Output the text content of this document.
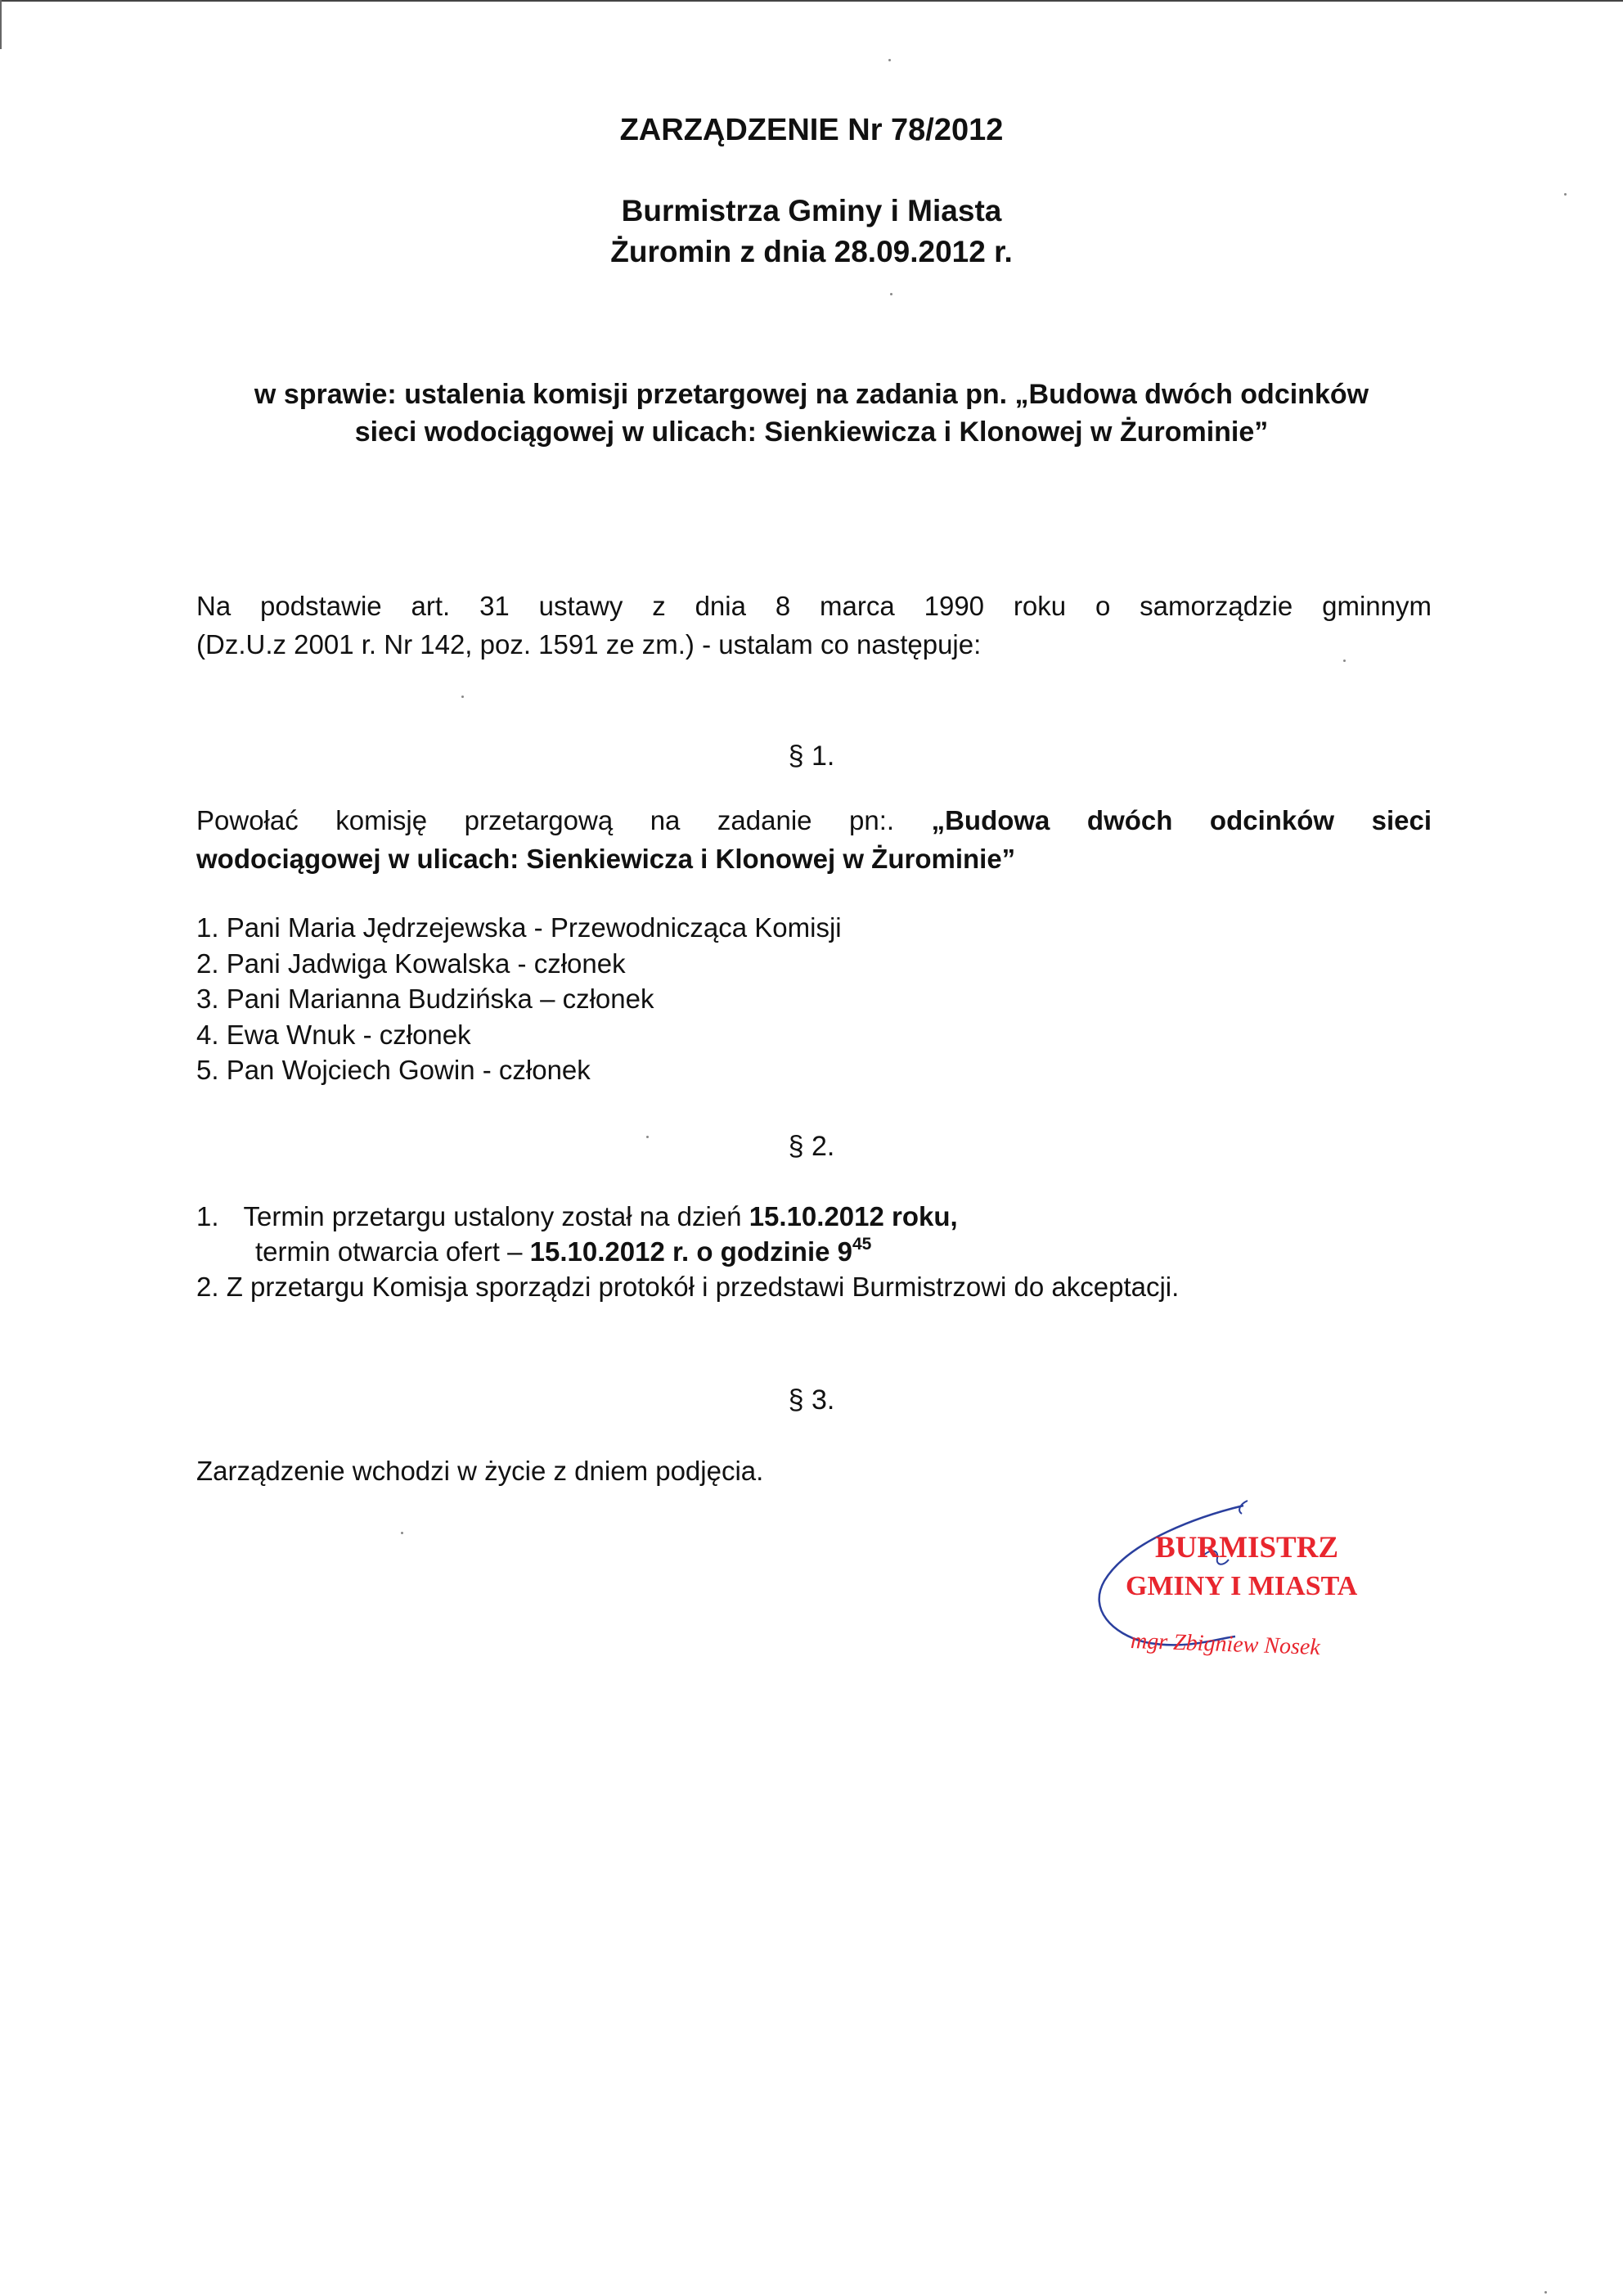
ZARZĄDZENIE Nr 78/2012
Burmistrza Gminy i Miasta
Żuromin z dnia 28.09.2012 r.
w sprawie: ustalenia komisji przetargowej na zadania pn. „Budowa dwóch odcinków
sieci wodociągowej w ulicach: Sienkiewicza i Klonowej w Żurominie”
Na podstawie art. 31 ustawy z dnia 8 marca 1990 roku o samorządzie gminnym
(Dz.U.z 2001 r. Nr 142, poz. 1591 ze zm.) - ustalam co następuje:
§ 1.
Powołać komisję przetargową na zadanie pn:. „Budowa dwóch odcinków sieci
wodociągowej w ulicach: Sienkiewicza i Klonowej w Żurominie”
1. Pani Maria Jędrzejewska - Przewodnicząca Komisji
2. Pani Jadwiga Kowalska - członek
3. Pani Marianna Budzińska – członek
4. Ewa Wnuk - członek
5. Pan Wojciech Gowin - członek
§ 2.
1. Termin przetargu ustalony został na dzień 15.10.2012 roku,
termin otwarcia ofert – 15.10.2012 r. o godzinie $9^{45}$
2. Z przetargu Komisja sporządzi protokół i przedstawi Burmistrzowi do akceptacji.
§ 3.
Zarządzenie wchodzi w życie z dniem podjęcia.
BURMISTRZ
GMINY I MIASTA
mgr Zbigniew Nosek
